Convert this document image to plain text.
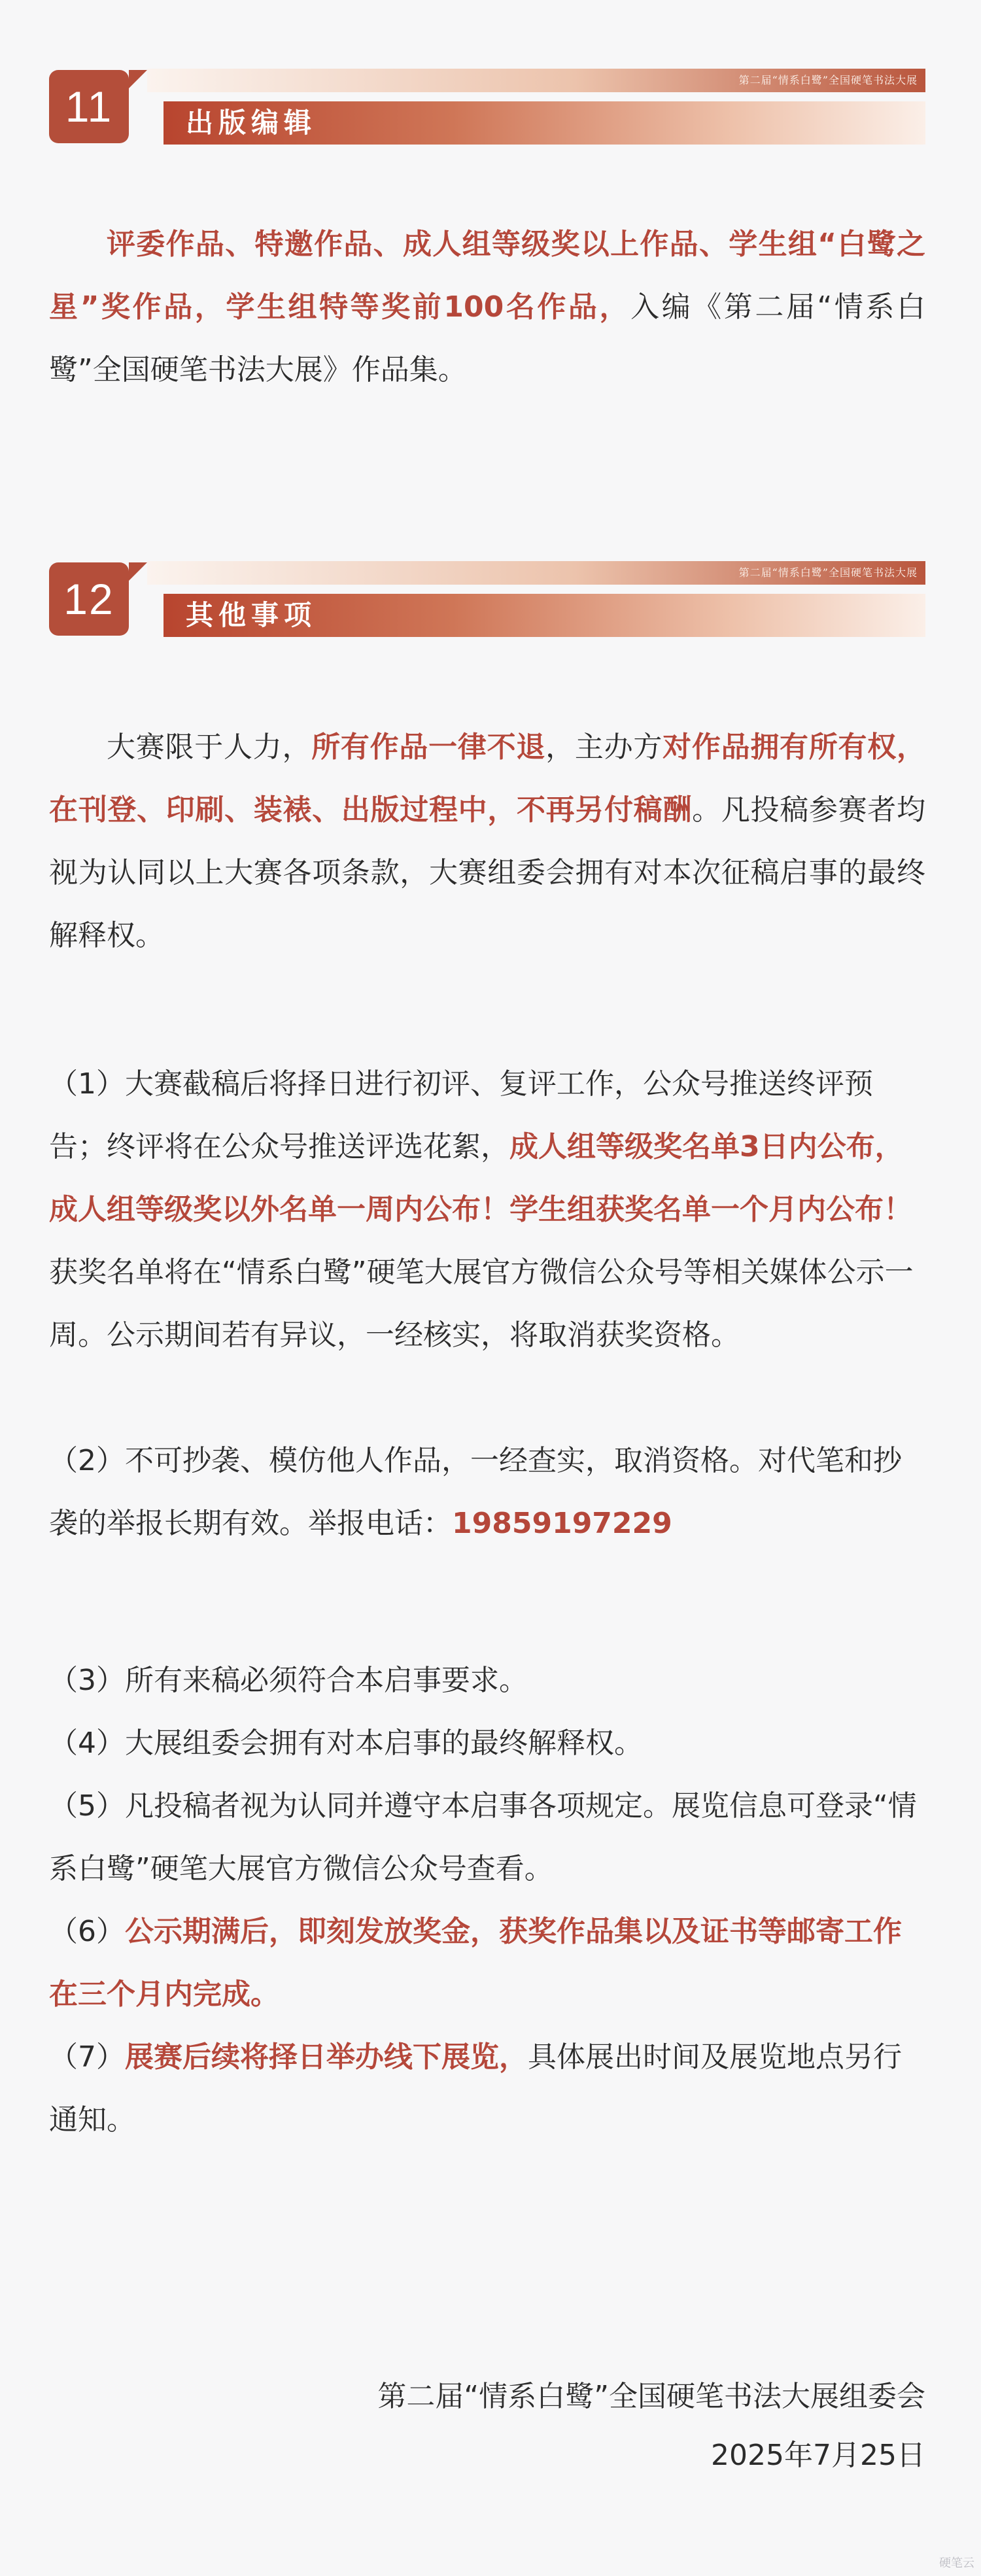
第二届“情系白鹭”全国硬笔书法大展
出版编辑
11
评委作品、特邀作品、成人组等级奖以上作品、学生组“白鹭之星”奖作品，学生组特等奖前100名作品，入编《第二届“情系白鹭”全国硬笔书法大展》作品集。
第二届“情系白鹭”全国硬笔书法大展
其他事项
12
大赛限于人力，所有作品一律不退，主办方对作品拥有所有权，在刊登、印刷、装裱、出版过程中，不再另付稿酬。凡投稿参赛者均视为认同以上大赛各项条款，大赛组委会拥有对本次征稿启事的最终解释权。
（1）大赛截稿后将择日进行初评、复评工作，公众号推送终评预告；终评将在公众号推送评选花絮，成人组等级奖名单3日内公布，成人组等级奖以外名单一周内公布！学生组获奖名单一个月内公布！获奖名单将在“情系白鹭”硬笔大展官方微信公众号等相关媒体公示一周。公示期间若有异议，一经核实，将取消获奖资格。
（2）不可抄袭、模仿他人作品，一经查实，取消资格。对代笔和抄袭的举报长期有效。举报电话：19859197229
（3）所有来稿必须符合本启事要求。
（4）大展组委会拥有对本启事的最终解释权。
（5）凡投稿者视为认同并遵守本启事各项规定。展览信息可登录“情系白鹭”硬笔大展官方微信公众号查看。
（6）公示期满后，即刻发放奖金，获奖作品集以及证书等邮寄工作在三个月内完成。
（7）展赛后续将择日举办线下展览，具体展出时间及展览地点另行通知。
第二届“情系白鹭”全国硬笔书法大展组委会
2025年7月25日
硬笔云
